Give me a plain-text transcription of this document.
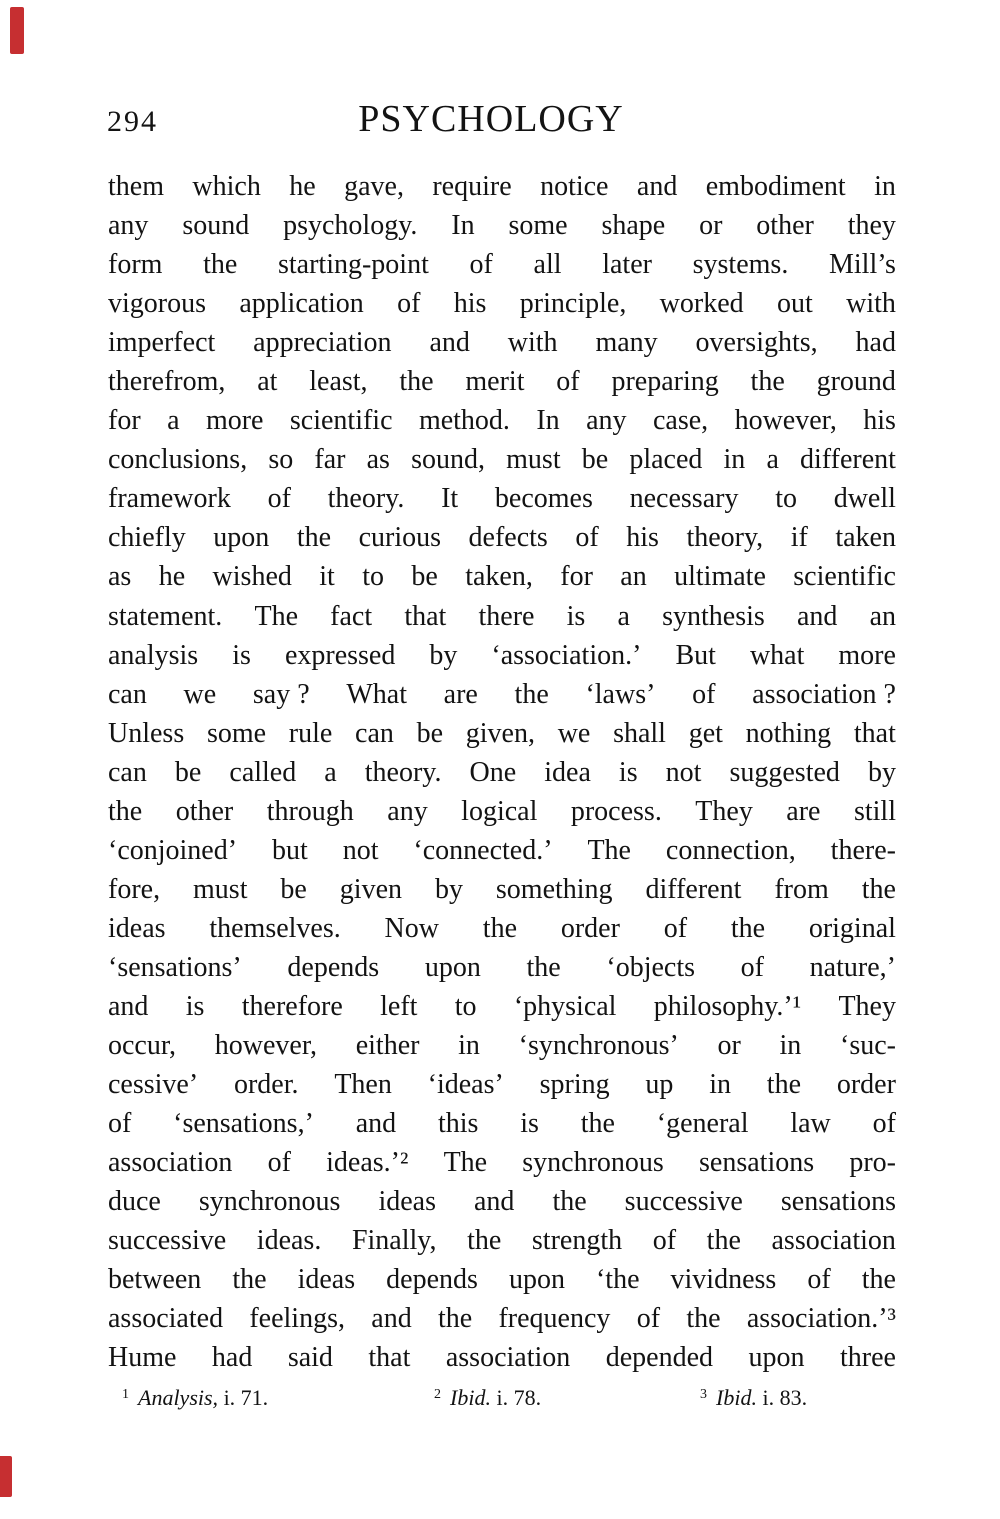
294	PSYCHOLOGY
them which he gave, require notice and embodiment in
any sound psychology. In some shape or other they
form the starting-point of all later systems. Mill’s
vigorous application of his principle, worked out with
imperfect appreciation and with many oversights, had
therefrom, at least, the merit of preparing the ground
for a more scientific method. In any case, however, his
conclusions, so far as sound, must be placed in a different
framework of theory. It becomes necessary to dwell
chiefly upon the curious defects of his theory, if taken
as he wished it to be taken, for an ultimate scientific
statement. The fact that there is a synthesis and an
analysis is expressed by ‘association.’ But what more
can we say ? What are the ‘laws’ of association ?
Unless some rule can be given, we shall get nothing that
can be called a theory. One idea is not suggested by
the other through any logical process. They are still
‘conjoined’ but not ‘connected.’ The connection, there-
fore, must be given by something different from the
ideas themselves. Now the order of the original
‘sensations’ depends upon the ‘objects of nature,’
and is therefore left to ‘physical philosophy.’¹ They
occur, however, either in ‘synchronous’ or in ‘suc-
cessive’ order. Then ‘ideas’ spring up in the order
of ‘sensations,’ and this is the ‘general law of
association of ideas.’² The synchronous sensations pro-
duce synchronous ideas and the successive sensations
successive ideas. Finally, the strength of the association
between the ideas depends upon ‘the vividness of the
associated feelings, and the frequency of the association.’³
Hume had said that association depended upon three
1 Analysis, i. 71.	2 Ibid. i. 78.	3 Ibid. i. 83.
